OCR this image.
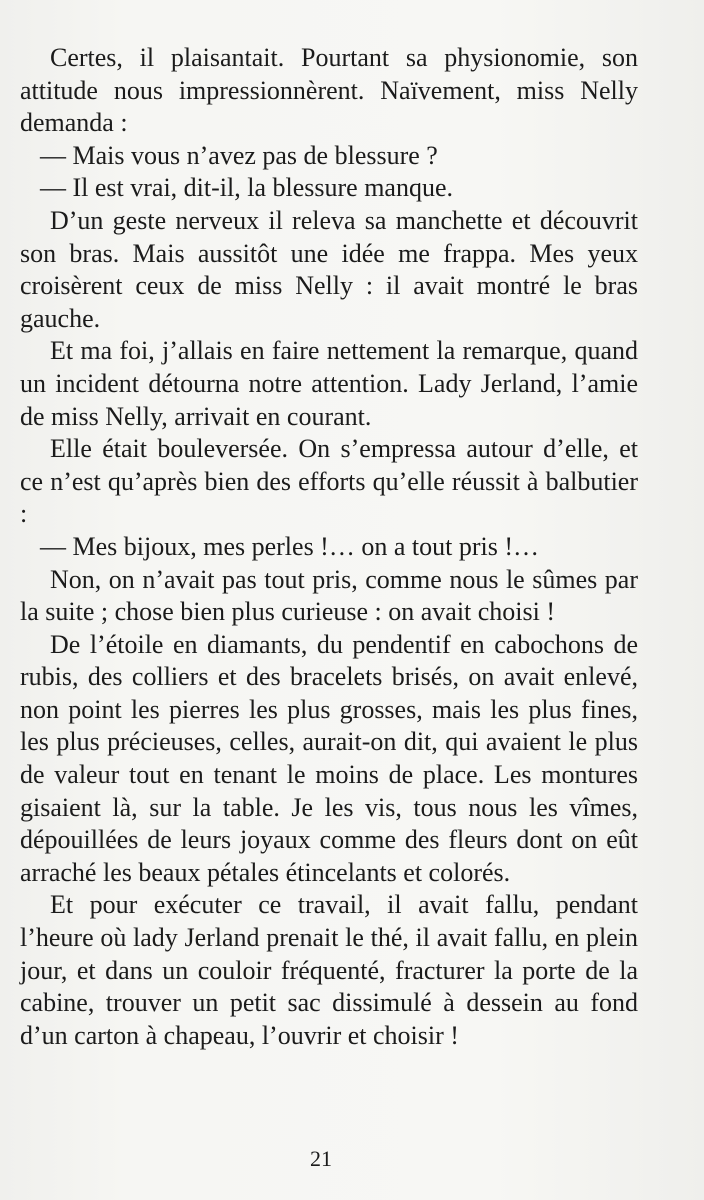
Certes, il plaisantait. Pourtant sa physionomie, son attitude nous impressionnèrent. Naïvement, miss Nelly demanda :

— Mais vous n’avez pas de blessure ?

— Il est vrai, dit-il, la blessure manque.

D’un geste nerveux il releva sa manchette et découvrit son bras. Mais aussitôt une idée me frappa. Mes yeux croisèrent ceux de miss Nelly : il avait montré le bras gauche.

Et ma foi, j’allais en faire nettement la remarque, quand un incident détourna notre attention. Lady Jerland, l’amie de miss Nelly, arrivait en courant.

Elle était bouleversée. On s’empressa autour d’elle, et ce n’est qu’après bien des efforts qu’elle réussit à balbutier :

— Mes bijoux, mes perles !… on a tout pris !…

Non, on n’avait pas tout pris, comme nous le sûmes par la suite ; chose bien plus curieuse : on avait choisi !

De l’étoile en diamants, du pendentif en cabochons de rubis, des colliers et des bracelets brisés, on avait enlevé, non point les pierres les plus grosses, mais les plus fines, les plus précieuses, celles, aurait-on dit, qui avaient le plus de valeur tout en tenant le moins de place. Les montures gisaient là, sur la table. Je les vis, tous nous les vîmes, dépouillées de leurs joyaux comme des fleurs dont on eût arraché les beaux pétales étincelants et colorés.

Et pour exécuter ce travail, il avait fallu, pendant l’heure où lady Jerland prenait le thé, il avait fallu, en plein jour, et dans un couloir fréquenté, fracturer la porte de la cabine, trouver un petit sac dissimulé à dessein au fond d’un carton à chapeau, l’ouvrir et choisir !

21
